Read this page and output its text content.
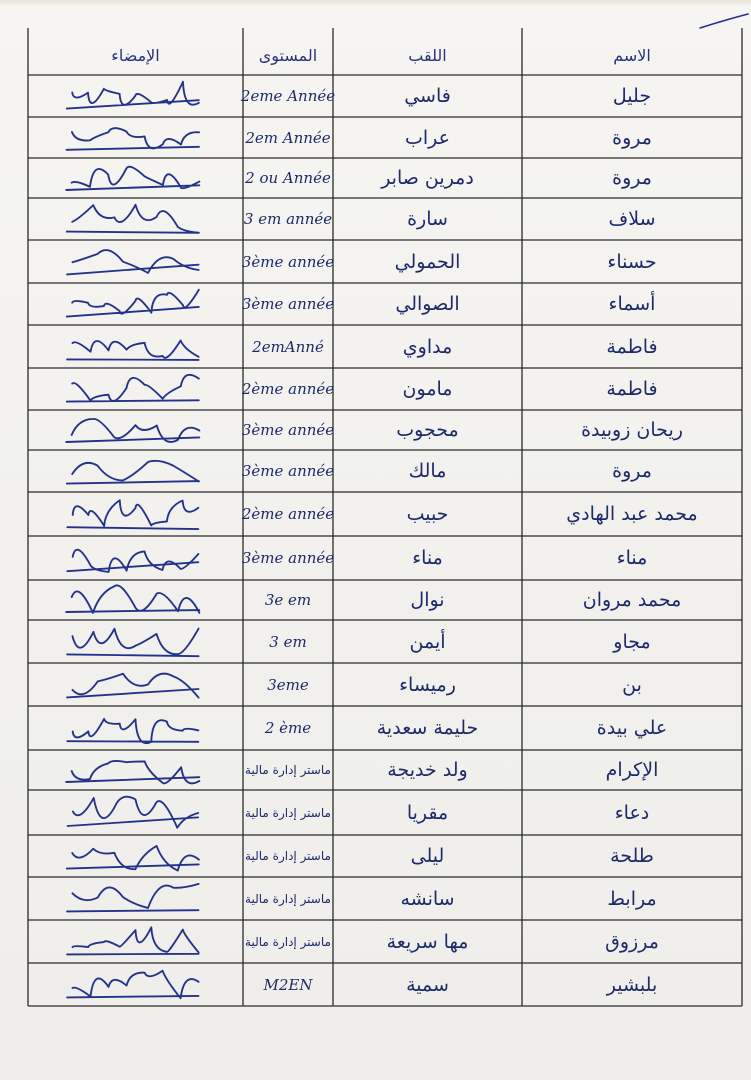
الإمضاء	المستوى	اللقب	الاسم
2eme Année	فاسي	جليل
2em Année	عراب	مروة
2 ou Année	دمرين صابر	مروة
3 em année	سارة	سلاف
3ème année	الحمولي	حسناء
3ème année	الصوالي	أسماء
2emAnné	مداوي	فاطمة
2ème année	مامون	فاطمة
3ème année	محجوب	ريحان زوبيدة
3ème année	مالك	مروة
2ème année	حبيب	محمد عبد الهادي
3ème année	مناء	مناء
3e em	نوال	محمد مروان
3 em	أيمن	مجاو
3eme	رميساء	بن
2 ème	حليمة سعدية	علي بيدة
ماستر إدارة مالية	ولد خديجة	الإكرام
ماستر إدارة مالية	مقريا	دعاء
ماستر إدارة مالية	ليلى	طلحة
ماستر إدارة مالية	سانشه	مرابط
ماستر إدارة مالية	مها سريعة	مرزوق
M2EN	سمية	بلبشير
